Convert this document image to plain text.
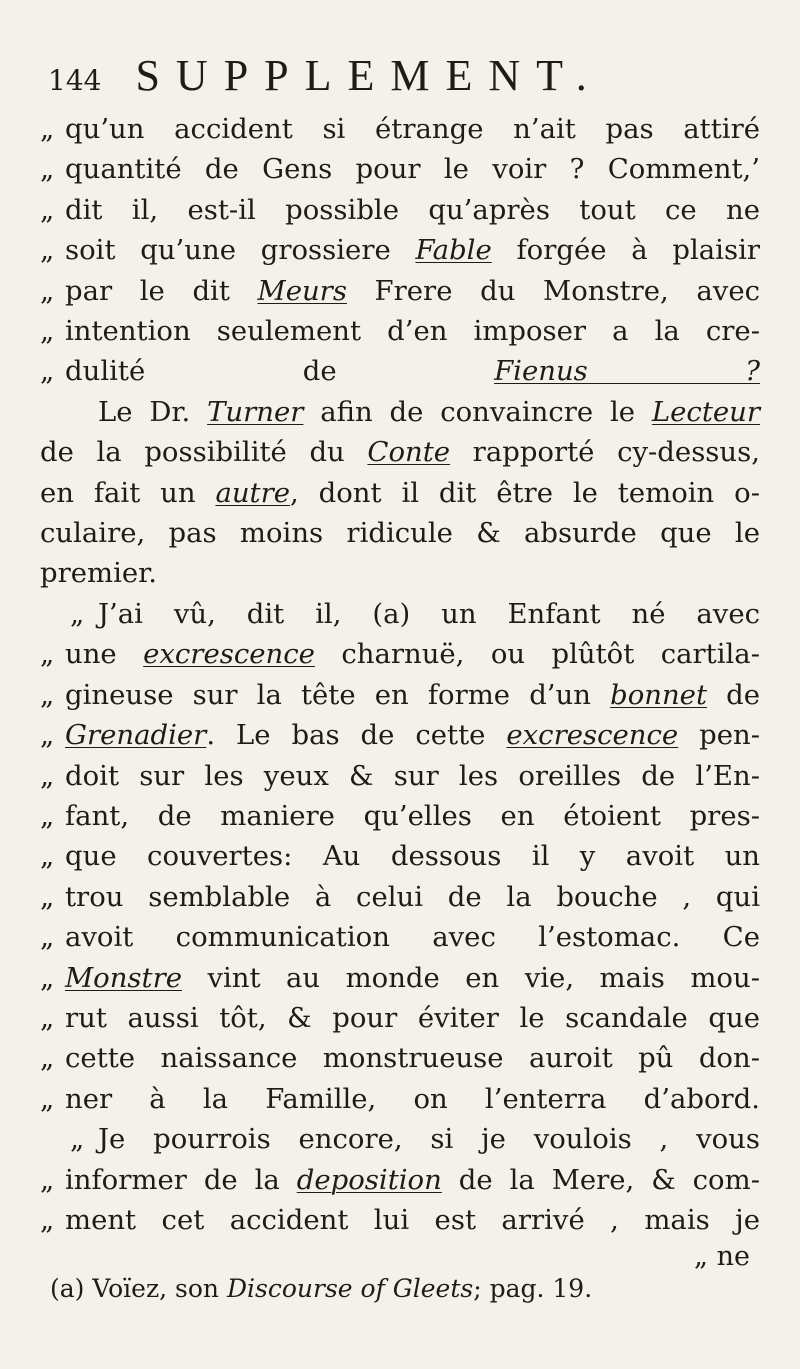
144 SUPPLEMENT.
„ qu’un accident si étrange n’ait pas attiré
„ quantité de Gens pour le voir ? Comment,’
„ dit il, est-il possible qu’après tout ce ne
„ soit qu’une grossiere Fable forgée à plaisir
„ par le dit Meurs Frere du Monstre, avec
„ intention seulement d’en imposer a la cre-
„ dulité de Fienus ?
Le Dr. Turner afin de convaincre le Lecteur
de la possibilité du Conte rapporté cy-dessus,
en fait un autre, dont il dit être le temoin o-
culaire, pas moins ridicule & absurde que le
premier.
„ J’ai vû, dit il, (a) un Enfant né avec
„ une excrescence charnuë, ou plûtôt cartila-
„ gineuse sur la tête en forme d’un bonnet de
„ Grenadier. Le bas de cette excrescence pen-
„ doit sur les yeux & sur les oreilles de l’En-
„ fant, de maniere qu’elles en étoient pres-
„ que couvertes: Au dessous il y avoit un
„ trou semblable à celui de la bouche , qui
„ avoit communication avec l’estomac. Ce
„ Monstre vint au monde en vie, mais mou-
„ rut aussi tôt, & pour éviter le scandale que
„ cette naissance monstrueuse auroit pû don-
„ ner à la Famille, on l’enterra d’abord.
„ Je pourrois encore, si je voulois , vous
„ informer de la deposition de la Mere, & com-
„ ment cet accident lui est arrivé , mais je
„ ne
(a) Voïez, son Discourse of Gleets; pag. 19.
